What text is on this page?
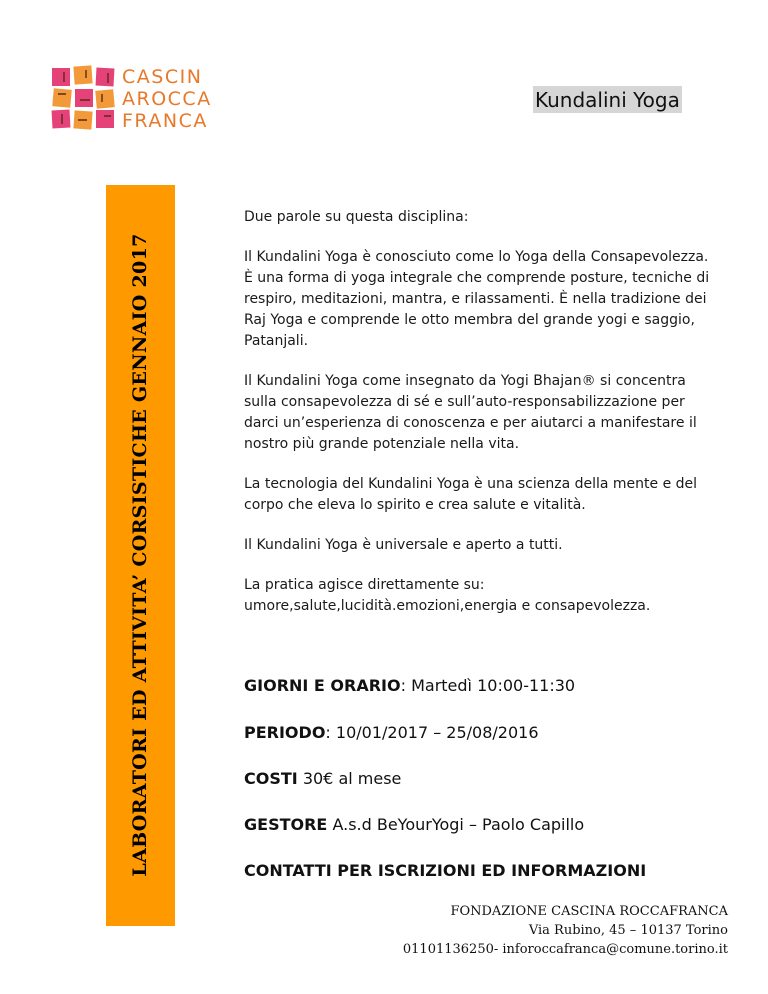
CASCIN
AROCCA
FRANCA
Kundalini Yoga
LABORATORI ED ATTIVITA’ CORSISTICHE GENNAIO 2017

Due parole su questa disciplina:

Il Kundalini Yoga è conosciuto come lo Yoga della Consapevolezza. È una forma di yoga integrale che comprende posture, tecniche di respiro, meditazioni, mantra, e rilassamenti. È nella tradizione dei Raj Yoga e comprende le otto membra del grande yogi e saggio, Patanjali.

Il Kundalini Yoga come insegnato da Yogi Bhajan® si concentra sulla consapevolezza di sé e sull’auto-responsabilizzazione per darci un’esperienza di conoscenza e per aiutarci a manifestare il nostro più grande potenziale nella vita.

La tecnologia del Kundalini Yoga è una scienza della mente e del corpo che eleva lo spirito e crea salute e vitalità.

Il Kundalini Yoga è universale e aperto a tutti.

La pratica agisce direttamente su: umore,salute,lucidità.emozioni,energia e consapevolezza.

GIORNI E ORARIO: Martedì 10:00-11:30
PERIODO: 10/01/2017 – 25/08/2016
COSTI 30€ al mese
GESTORE A.s.d BeYourYogi – Paolo Capillo
CONTATTI PER ISCRIZIONI ED INFORMAZIONI
FONDAZIONE CASCINA ROCCAFRANCA
Via Rubino, 45 – 10137 Torino
01101136250- inforoccafranca@comune.torino.it
